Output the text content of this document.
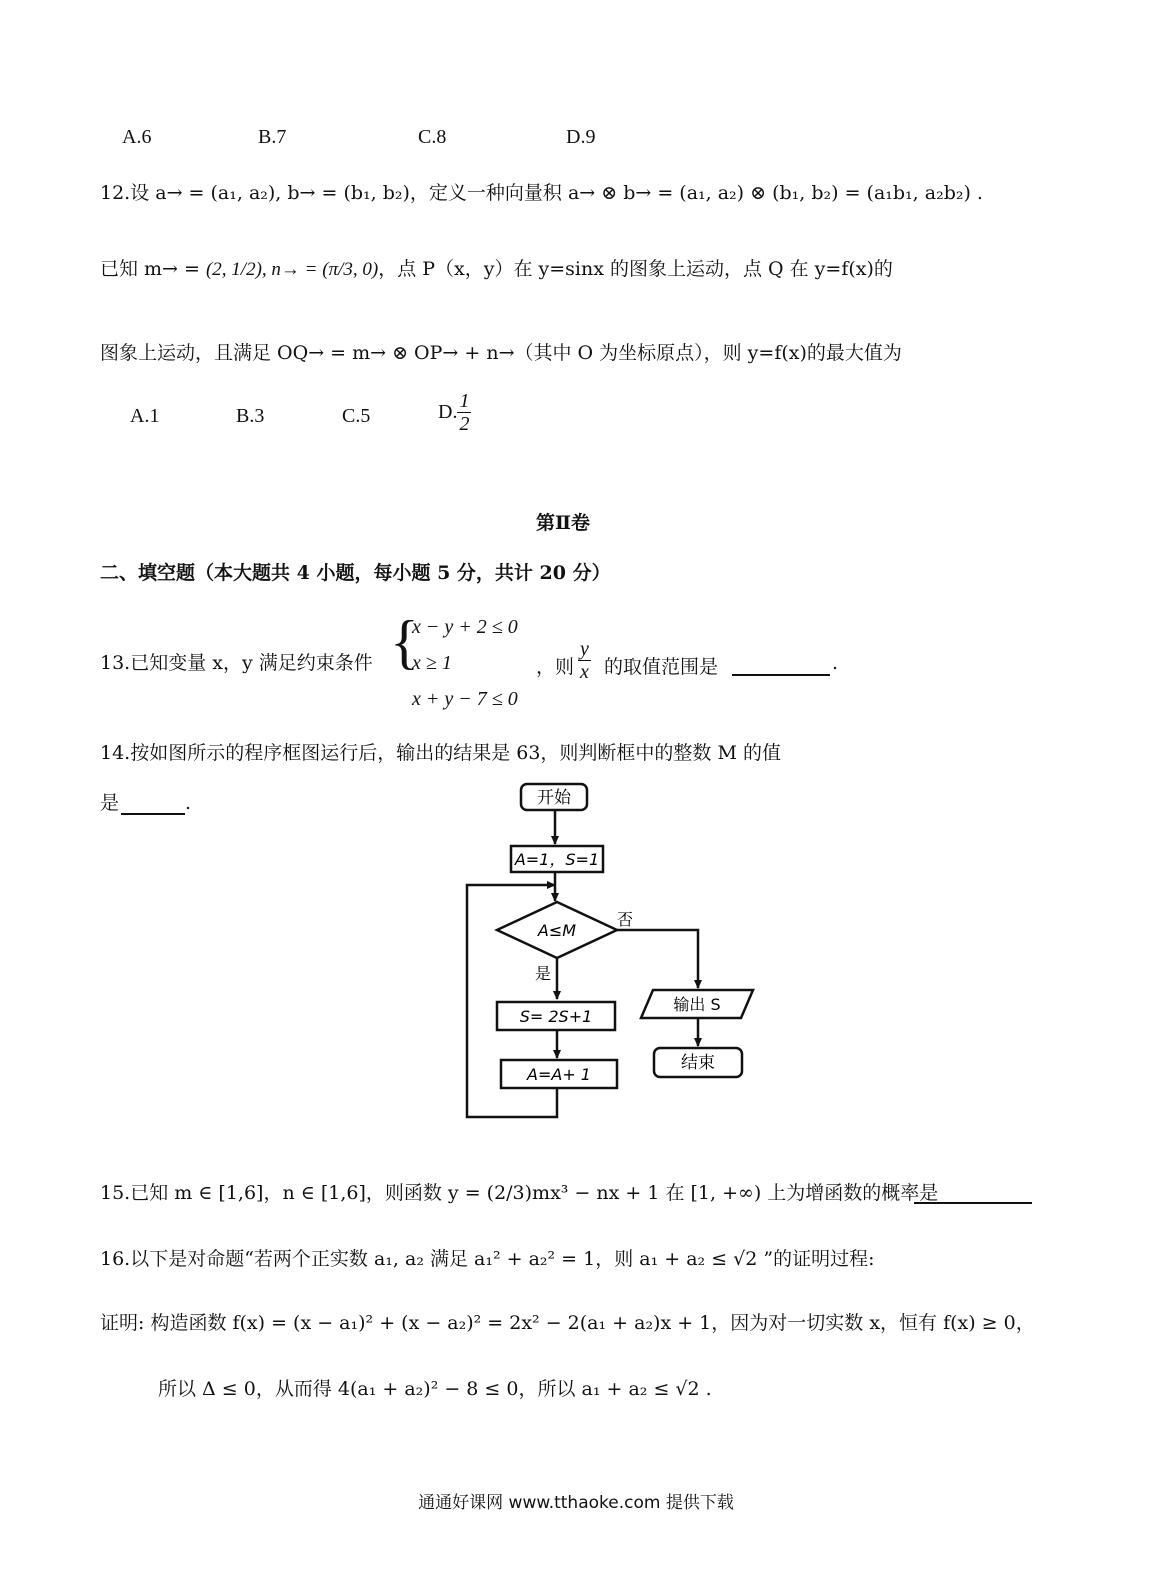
A.6	B.7	C.8	D.9
12.设 a→ = (a₁, a₂), b→ = (b₁, b₂)，定义一种向量积 a→ ⊗ b→ = (a₁, a₂) ⊗ (b₁, b₂) = (a₁b₁, a₂b₂) .
已知 m→ = (2, 1/2), n→ = (π/3, 0)，点 P（x，y）在 y=sinx 的图象上运动，点 Q 在 y=f(x)的
图象上运动，且满足 OQ→ = m→ ⊗ OP→ + n→（其中 O 为坐标原点），则 y=f(x)的最大值为
A.1	B.3	C.5	D. $\frac{1}{2}$
第Ⅱ卷
二、填空题（本大题共 4 小题，每小题 5 分，共计 20 分）
13.已知变量 x，y 满足约束条件 {
x − y + 2 ≤ 0
x ≥ 1
x + y − 7 ≤ 0
，则 $\frac{y}{x}$ 的取值范围是	.
14.按如图所示的程序框图运行后，输出的结果是 63，则判断框中的整数 M 的值
是	.	开始
A=1，S=1
A≤M
否
是
S= 2S+1
A=A+ 1
输出 S
结束
15.已知 m ∈ [1,6]，n ∈ [1,6]，则函数 y = (2/3)mx³ − nx + 1 在 [1, +∞) 上为增函数的概率是
16.以下是对命题“若两个正实数 a₁, a₂ 满足 a₁² + a₂² = 1，则 a₁ + a₂ ≤ √2 ”的证明过程:
证明: 构造函数 f(x) = (x − a₁)² + (x − a₂)² = 2x² − 2(a₁ + a₂)x + 1，因为对一切实数 x，恒有 f(x) ≥ 0，
所以 Δ ≤ 0，从而得 4(a₁ + a₂)² − 8 ≤ 0，所以 a₁ + a₂ ≤ √2 .
通通好课网 www.tthaoke.com 提供下载
